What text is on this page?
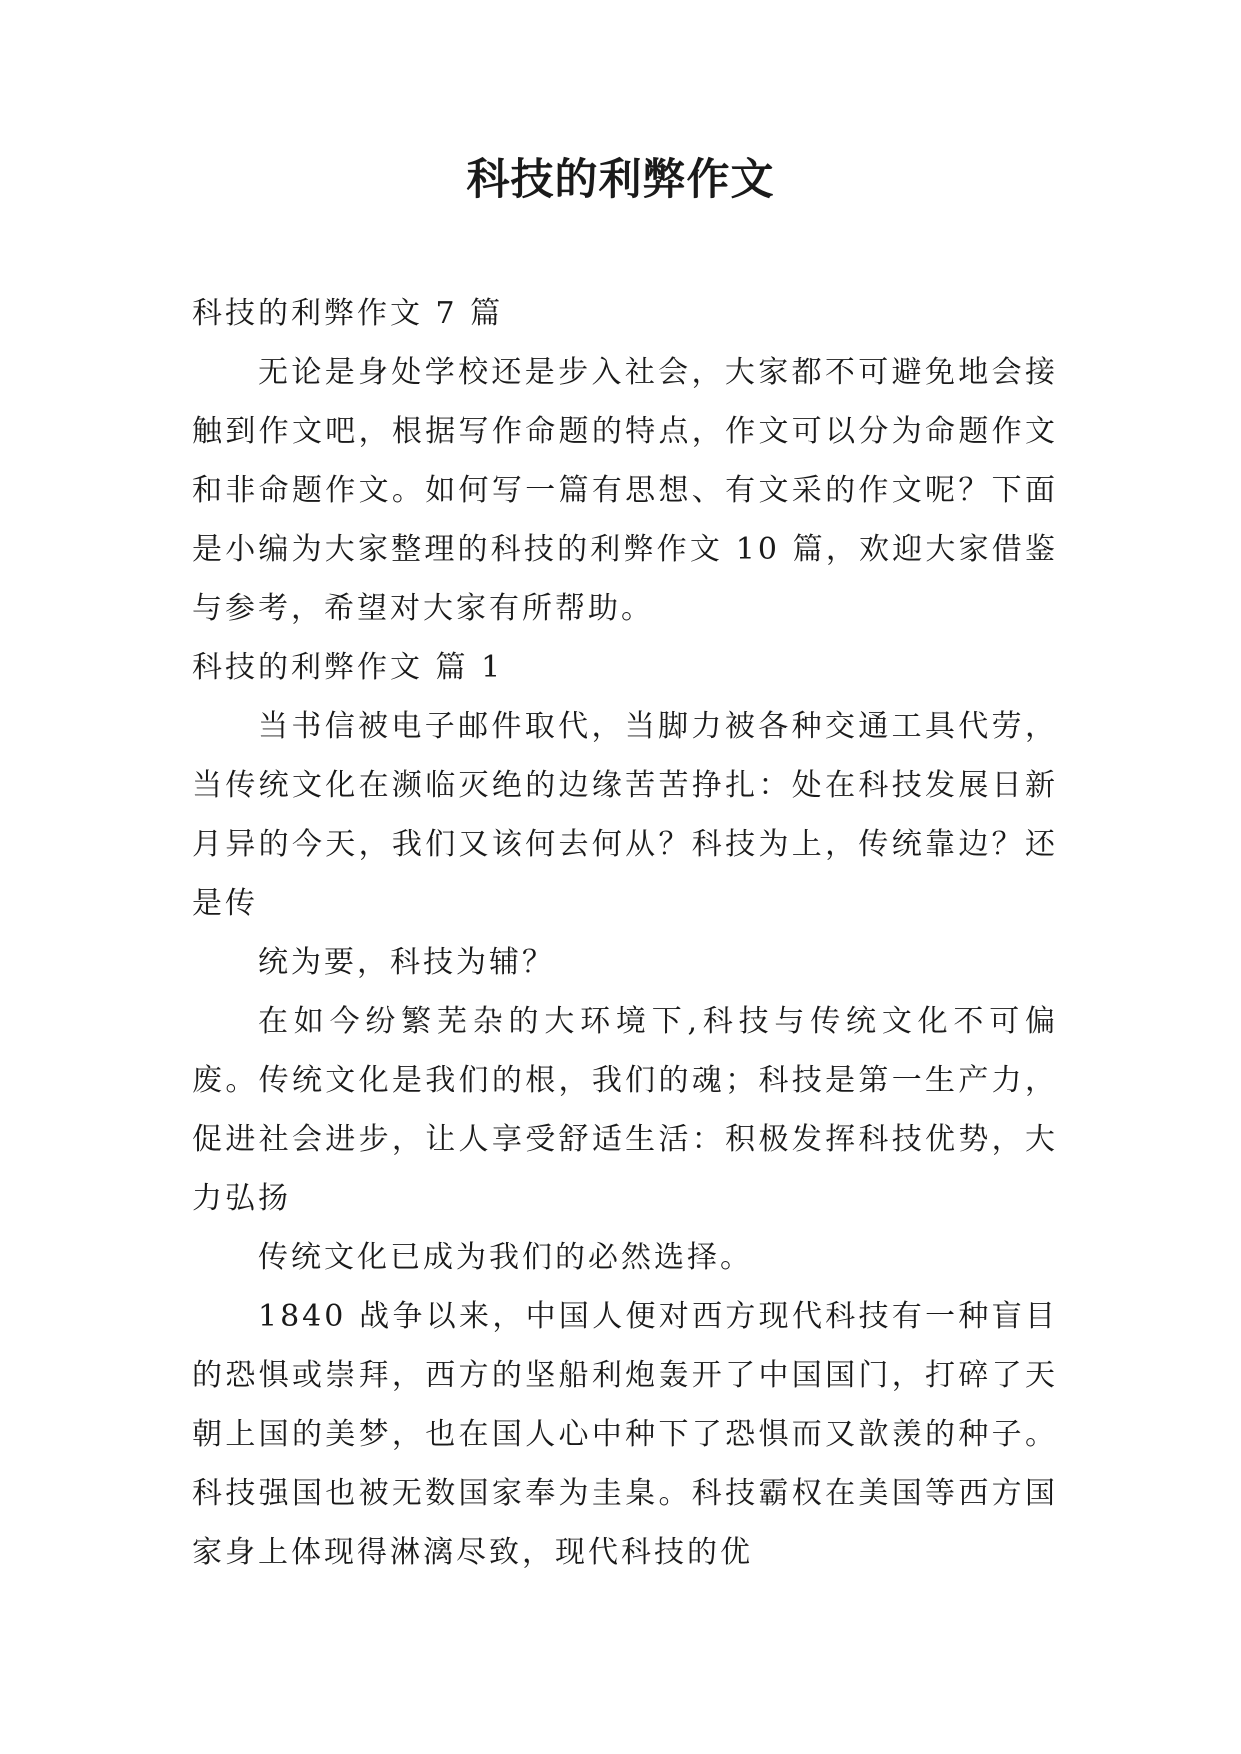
科技的利弊作文

科技的利弊作文 7 篇

无论是身处学校还是步入社会，大家都不可避免地会接触到作文吧，根据写作命题的特点，作文可以分为命题作文和非命题作文。如何写一篇有思想、有文采的作文呢？下面是小编为大家整理的科技的利弊作文 10 篇，欢迎大家借鉴与参考，希望对大家有所帮助。

科技的利弊作文 篇 1

当书信被电子邮件取代，当脚力被各种交通工具代劳，当传统文化在濒临灭绝的边缘苦苦挣扎：处在科技发展日新月异的今天，我们又该何去何从？科技为上，传统靠边？还是传

统为要，科技为辅？

在如今纷繁芜杂的大环境下,科技与传统文化不可偏废。传统文化是我们的根，我们的魂；科技是第一生产力，促进社会进步，让人享受舒适生活：积极发挥科技优势，大力弘扬

传统文化已成为我们的必然选择。

1840 战争以来，中国人便对西方现代科技有一种盲目的恐惧或崇拜，西方的坚船利炮轰开了中国国门，打碎了天朝上国的美梦，也在国人心中种下了恐惧而又歆羡的种子。科技强国也被无数国家奉为圭臬。科技霸权在美国等西方国家身上体现得淋漓尽致，现代科技的优
